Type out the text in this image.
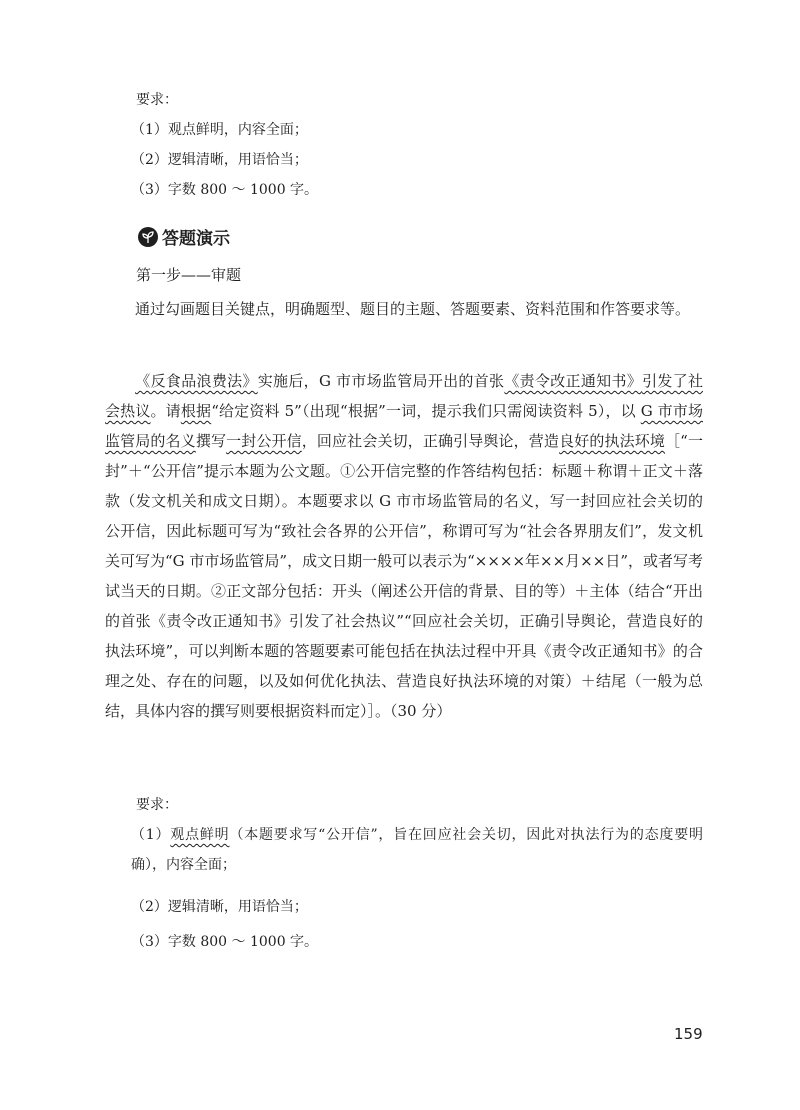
要求：
（1）观点鲜明，内容全面；
（2）逻辑清晰，用语恰当；
（3）字数 800 ～ 1000 字。
答题演示
第一步——审题
通过勾画题目关键点，明确题型、题目的主题、答题要素、资料范围和作答要求等。
《反食品浪费法》实施后，G 市市场监管局开出的首张《责令改正通知书》引发了社会热议。请根据“给定资料 5”（出现“根据”一词，提示我们只需阅读资料 5），以 G 市市场监管局的名义撰写一封公开信，回应社会关切，正确引导舆论，营造良好的执法环境［“一封”＋“公开信”提示本题为公文题。①公开信完整的作答结构包括：标题＋称谓＋正文＋落款（发文机关和成文日期）。本题要求以 G 市市场监管局的名义，写一封回应社会关切的公开信，因此标题可写为“致社会各界的公开信”，称谓可写为“社会各界朋友们”，发文机关可写为“G 市市场监管局”，成文日期一般可以表示为“××××年××月××日”，或者写考试当天的日期。②正文部分包括：开头（阐述公开信的背景、目的等）＋主体（结合“开出的首张《责令改正通知书》引发了社会热议”“回应社会关切，正确引导舆论，营造良好的执法环境”，可以判断本题的答题要素可能包括在执法过程中开具《责令改正通知书》的合理之处、存在的问题，以及如何优化执法、营造良好执法环境的对策）＋结尾（一般为总结，具体内容的撰写则要根据资料而定）］。（30 分）
要求：
（1）观点鲜明（本题要求写“公开信”，旨在回应社会关切，因此对执法行为的态度要明确），内容全面；
（2）逻辑清晰，用语恰当；
（3）字数 800 ～ 1000 字。
159
